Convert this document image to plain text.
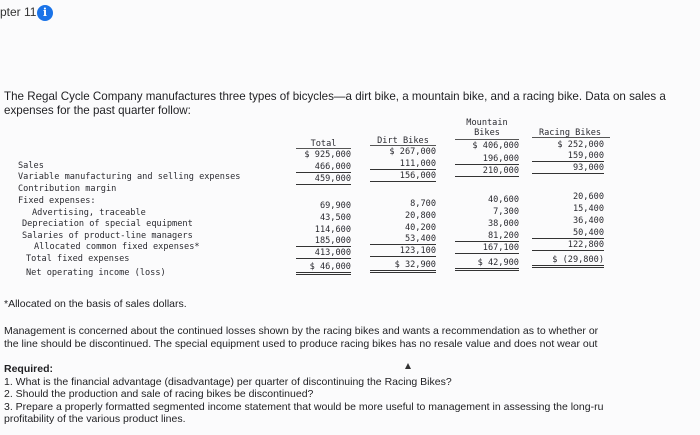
pter 11 i
The Regal Cycle Company manufactures three types of bicycles—a dirt bike, a mountain bike, and a racing bike. Data on sales a
expenses for the past quarter follow:
Total	Dirt Bikes
Mountain Bikes	Racing Bikes
Sales
Variable manufacturing and selling expenses
Contribution margin
Fixed expenses:
Advertising, traceable
Depreciation of special equipment
Salaries of product-line managers
Allocated common fixed expenses*
Total fixed expenses
Net operating income (loss)
$ 925,000
466,000
459,000
69,900
43,500
114,600
185,000
413,000
$ 46,000
$ 267,000
111,000
156,000
8,700
20,800
40,200
53,400
123,100
$ 32,900
$ 406,000
196,000
210,000
40,600
7,300
38,000
81,200
167,100
$ 42,900
$ 252,000
159,000
93,000
20,600
15,400
36,400
50,400
122,800
$ (29,800)
*Allocated on the basis of sales dollars.
Management is concerned about the continued losses shown by the racing bikes and wants a recommendation as to whether or
the line should be discontinued. The special equipment used to produce racing bikes has no resale value and does not wear out
Required:
1. What is the financial advantage (disadvantage) per quarter of discontinuing the Racing Bikes?
2. Should the production and sale of racing bikes be discontinued?
3. Prepare a properly formatted segmented income statement that would be more useful to management in assessing the long-ru
profitability of the various product lines.
